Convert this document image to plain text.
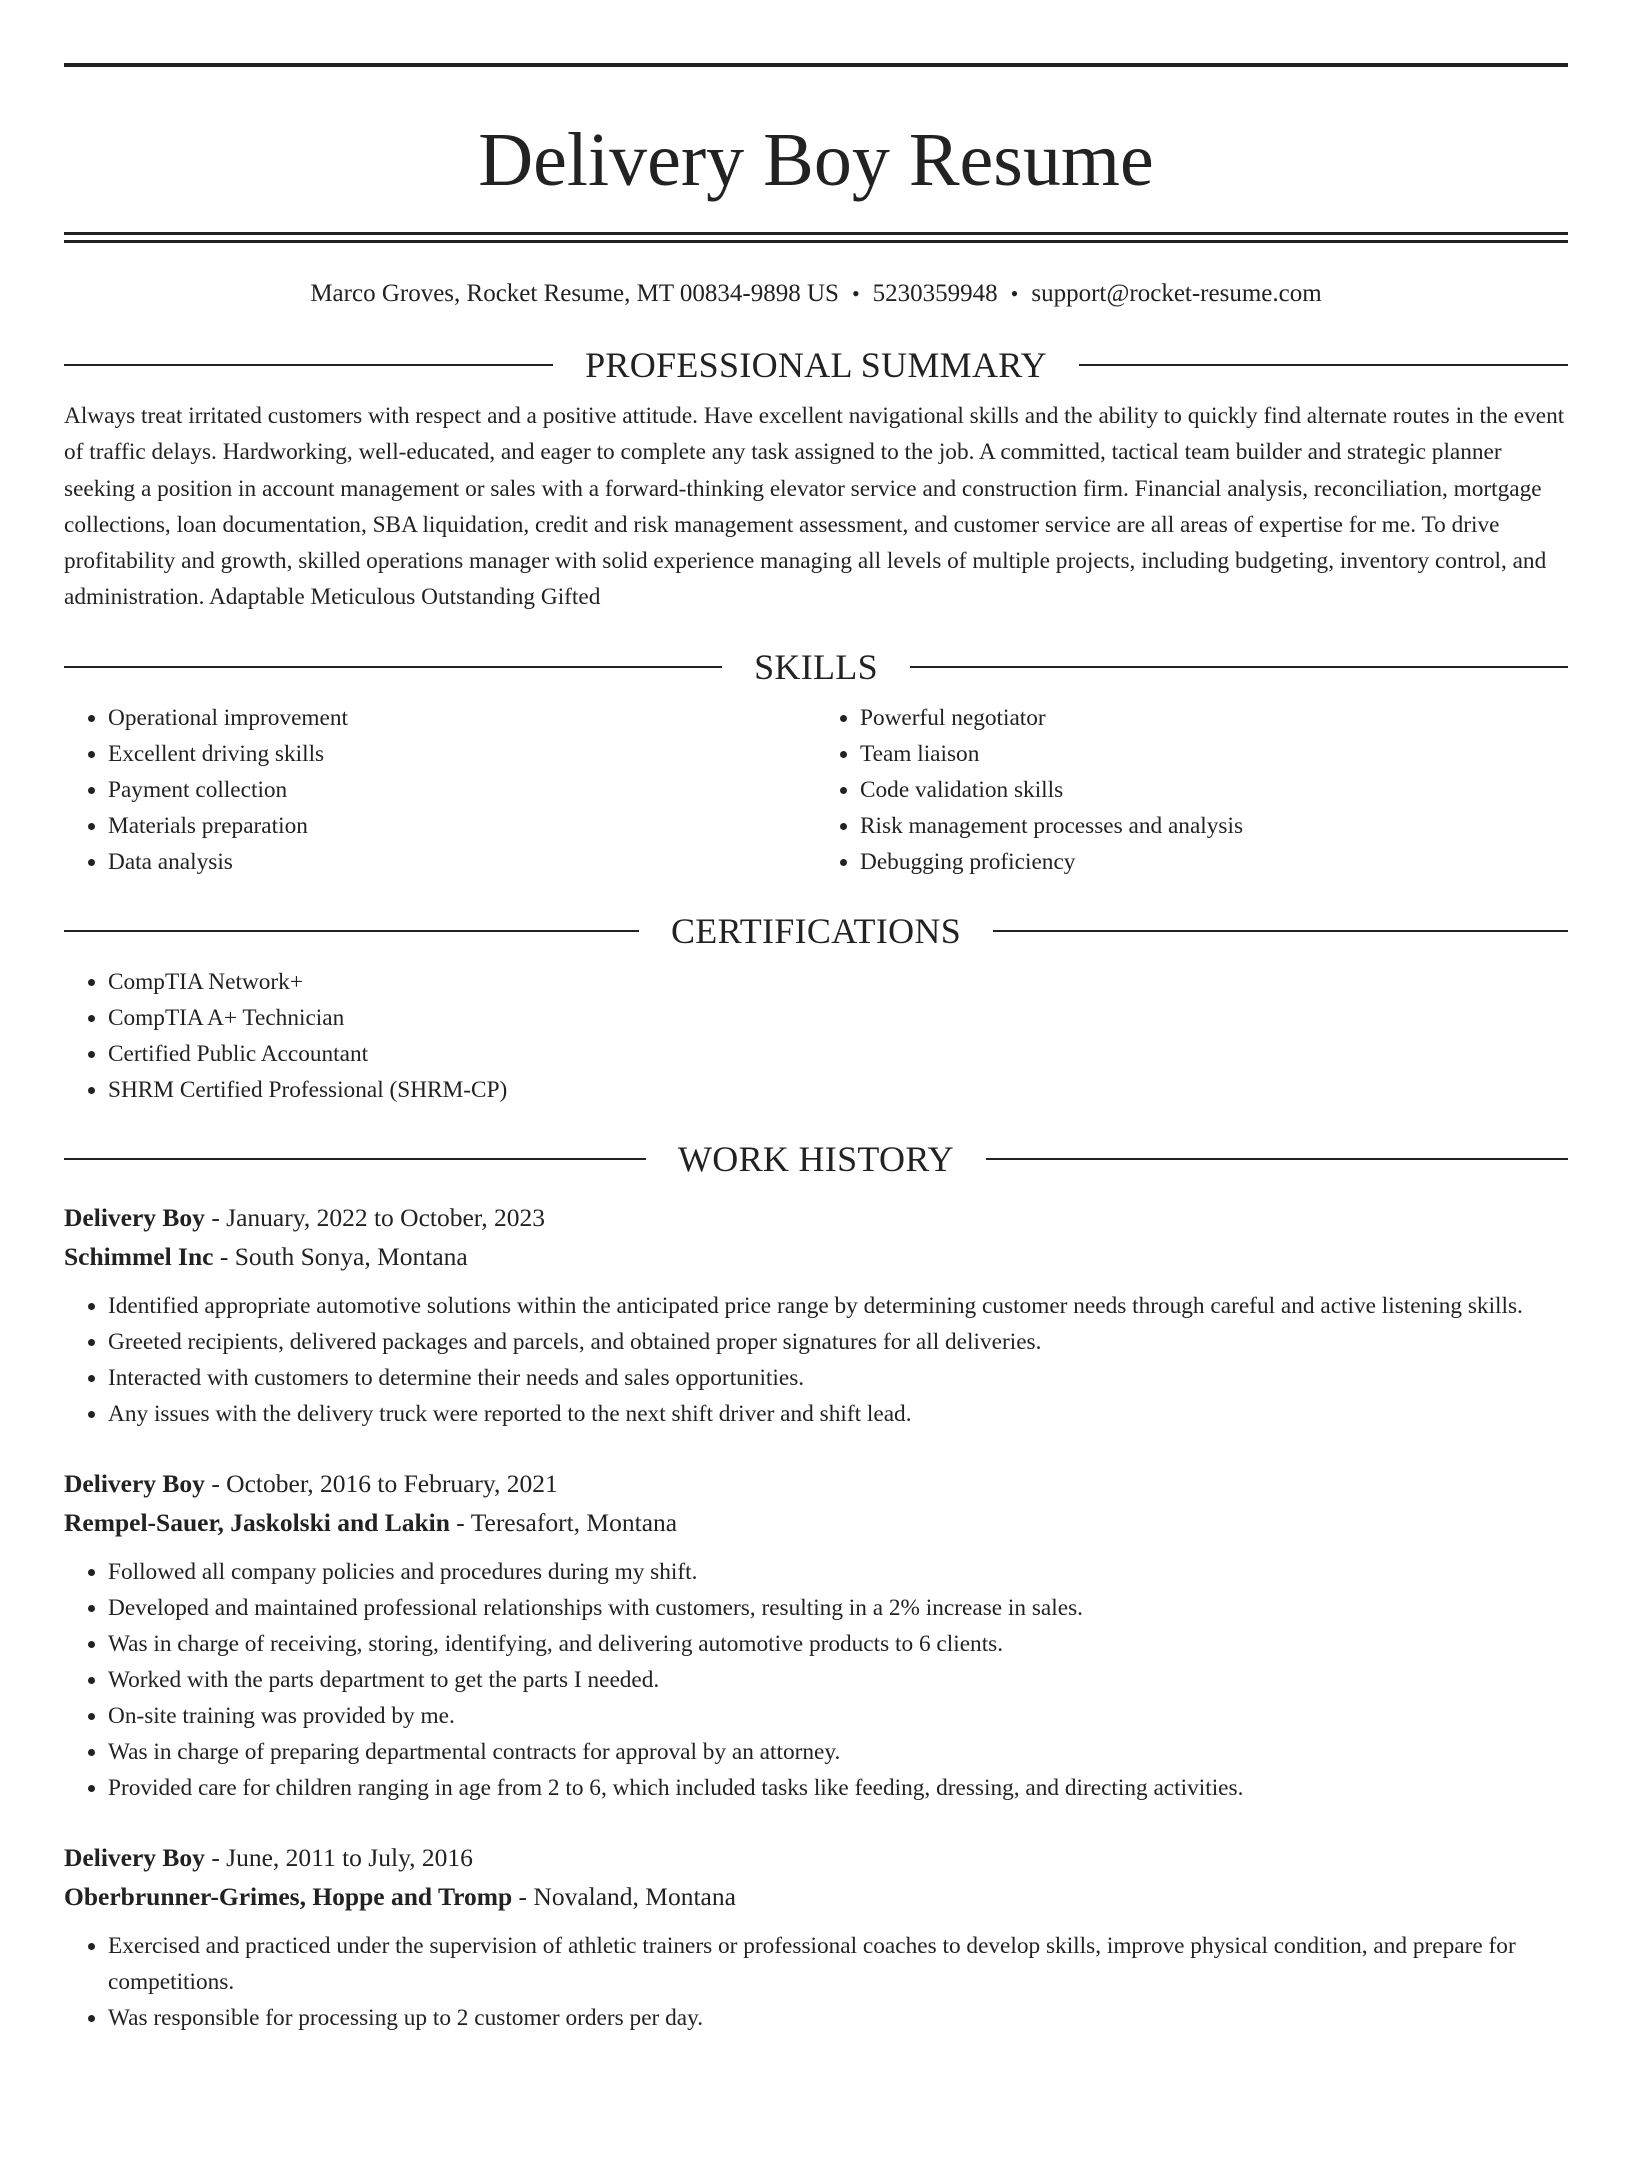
Delivery Boy Resume
Marco Groves, Rocket Resume, MT 00834-9898 US • 5230359948 • support@rocket-resume.com
PROFESSIONAL SUMMARY
Always treat irritated customers with respect and a positive attitude. Have excellent navigational skills and the ability to quickly find alternate routes in the event of traffic delays. Hardworking, well-educated, and eager to complete any task assigned to the job. A committed, tactical team builder and strategic planner seeking a position in account management or sales with a forward-thinking elevator service and construction firm. Financial analysis, reconciliation, mortgage collections, loan documentation, SBA liquidation, credit and risk management assessment, and customer service are all areas of expertise for me. To drive profitability and growth, skilled operations manager with solid experience managing all levels of multiple projects, including budgeting, inventory control, and administration. Adaptable Meticulous Outstanding Gifted
SKILLS
• Operational improvement
• Excellent driving skills
• Payment collection
• Materials preparation
• Data analysis
• Powerful negotiator
• Team liaison
• Code validation skills
• Risk management processes and analysis
• Debugging proficiency
CERTIFICATIONS
• CompTIA Network+
• CompTIA A+ Technician
• Certified Public Accountant
• SHRM Certified Professional (SHRM-CP)
WORK HISTORY
Delivery Boy - January, 2022 to October, 2023
Schimmel Inc - South Sonya, Montana
• Identified appropriate automotive solutions within the anticipated price range by determining customer needs through careful and active listening skills.
• Greeted recipients, delivered packages and parcels, and obtained proper signatures for all deliveries.
• Interacted with customers to determine their needs and sales opportunities.
• Any issues with the delivery truck were reported to the next shift driver and shift lead.
Delivery Boy - October, 2016 to February, 2021
Rempel-Sauer, Jaskolski and Lakin - Teresafort, Montana
• Followed all company policies and procedures during my shift.
• Developed and maintained professional relationships with customers, resulting in a 2% increase in sales.
• Was in charge of receiving, storing, identifying, and delivering automotive products to 6 clients.
• Worked with the parts department to get the parts I needed.
• On-site training was provided by me.
• Was in charge of preparing departmental contracts for approval by an attorney.
• Provided care for children ranging in age from 2 to 6, which included tasks like feeding, dressing, and directing activities.
Delivery Boy - June, 2011 to July, 2016
Oberbrunner-Grimes, Hoppe and Tromp - Novaland, Montana
• Exercised and practiced under the supervision of athletic trainers or professional coaches to develop skills, improve physical condition, and prepare for competitions.
• Was responsible for processing up to 2 customer orders per day.
